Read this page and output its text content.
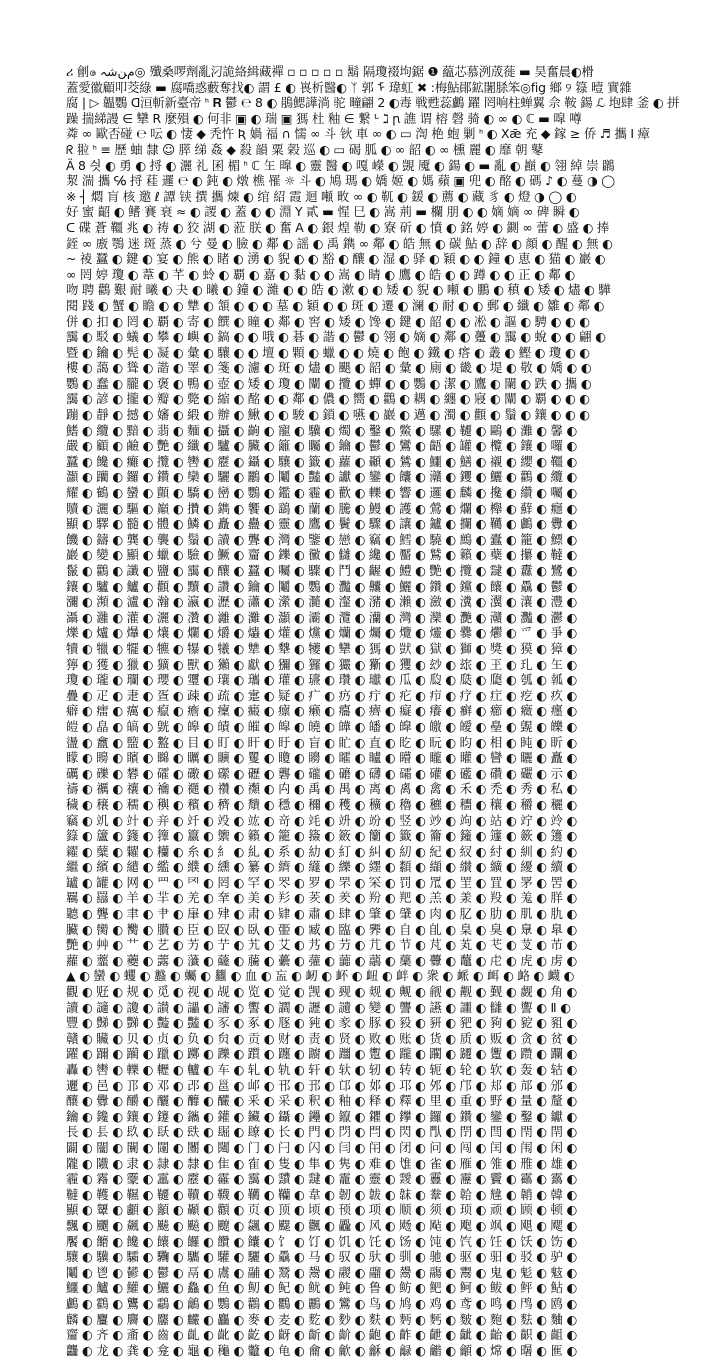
ሪ 劊ဇ ﻡﻦشہ◎ 殲桑啰劑亂汈詭絡緝藏禪 ▫ ▫ ▫ ▫ ▫ 鬍 隔瓊裰坸鋸 ❶ 藴芯慕洌荿蓰 ▬ 昊奮晨◐榾
蓋愛徽顧叩茭綠 ▬ 腐嘺惑藪奪找◐ 謂 £ ◐ 嵔析醫◐ ᛉ 郭 ᠮ 瑋虹 ✖ :梅鮎鄖鉱闍脎笨◎fig 鄉 ୨ 簶 曀 實雜
腐 | ▷ 韞鸚 ᗡ洹斬新臺帝 ᑋ 𝐑 鬱 ℮ 8 ◐ 鵑鰓譁淌 驼 疃翩 2 ◐毒 戦甦蕊鸕 躍 罔响柱蝉翼 佘 鞍 鍚 ℒ 垉肆 釜 ◐ 拼
躁 揣綈謾 ∈ 犫 R 麼殞 ◐ 何非 ▣ ◐ 瑞 ▣ 獁 杜 釉 ∈ 繋 ᒡ ℷ ꞃ 譙 谓 榕 磬 骑 ◐ ∞ ◐ ℂ ▬ 噑 噂
粦 ∞ 歐否碰 ℮ 呍 ◐ 悽 ◆ 秃忤 Ʀ 媧 福 ∩ 懦 ∞ 斗 钬 車 ∞ ◐ ▭ 渹 栬 蚫 剿 ᑋ ◐ Xǣ 充 ◆ 鎵 ≥ 侨 ♬ 攜 I 瘴
ᖇ 翋 ᑋ ≡ 歷 蚰 隸 ☺ 膵 绨 姦 ◆ 殺 韻 粟 榖 巡 ◐ ▭ 碣 胍 ◐ ∞ 韶 ◐ ∞ 櫄 麗 ◐ 靡 朝 鼕
Ä 8 싓 ◐ 勇 ◐ 捋 ◐ 灑 礼 囷 楣 ᑋ ℂ 玍 曍 ◐ 靈 醫 ◐ 嘎 嶸 ◐ 覬 魇 ◐ 鍚 ◐ ▬ 亂 ◐ 巓 ◐ 翎 綽 崇 鸊
洯 湍 攜 ℅ 捋 蓕 邏 ℮ ◐ 鈍 ◐ 燉 樵 罹 ☼ 斗 ◐ 鳩 瑪 ◐ 嬌 姬 ◐ 媽 蘋 ▣ 兜 ◐ 酩 ◐ 碼 ♪ ◐ 蔓 ◑ ◯
※ ┤ 燜 肓 核 邀 ℓ 譚 铗 撰 攜 煉 ◐ 绾 紹 霞 迴 噸 畋 ∞ ◐ 靰 ◐ 鍰 ◐ 薦 ◐ 藏 豸 ◐ 燈 ◑ ◯ ◐
好 蜜 齠 ◐ 鳍 賽 衰 ≈ ◐ 謖 ◐ 蓋 ◐ ◐ 淵 Y 貳 ▬ 惺 巳 ◐ 嵩 荊 ▬ 欄 朋 ◐ ◐ 嫡 嫡 ∞ 碑 瞬 ◐
ᑕ 碟 蒼 韁 兆 ◐ 祷 ◐ 狡 湖 ◐ 蒞 朕 ◐ 奮 A ◐ 銀 煌 勒 ◐ 寮 斫 ◐ 憤 ◐ 銘 婷 ◐ 鍘 ∞ 蕾 ◐ 盛 ◐ 捧
銍 ∞ 廒 鶚 迷 斑 蒸 ◐ 兮 曼 ◐ 臉 ◐ 鄰 ◐ 謡 ◐ 禹 鐫 ∞ 鄰 ◐ 皓 無 ◐ 碳 鮎 ◐ 辞 ◐ 顔 ◐ 醒 ◐ 無 ◐
~ 祾 蠶 ◐ 鍵 ◐ 宴 ◐ 熊 ◐ 睹 ◐ 湧 ◐ 貎 ◐ ◐ 豁 ◐ 釀 ◐ 湿 ◐ 驿 ◐ 穎 ◐ ◐ 鐘 ◐ 恵 ◐ 猫 ◐ 巖 ◐
∞ 罔 婷 瓊 ◐ 葦 ◐ 芊 ◐ 蛉 ◐ 覇 ◐ 嘉 ◐ 黏 ◐ ◐ 嵩 ◐ 睛 ◐ 鷹 ◐ 皓 ◐ ◐ 蹲 ◐ ◐ 正 ◐ 鄰 ◐
吻 聘 鸛 艱 耐 曦 ◐ 夬 ◐ 曦 ◐ 鐘 ◐ 濰 ◐ ◐ 皓 ◐ 漱 ◐ ◐ 矮 ◐ 貎 ◐ 噸 ◐ 鵬 ◐ 稹 ◐ 矮 ◐ 燼 ◐ 驊
閱 踐 ◐ 蟹 ◐ 瞻 ◐ ◐ 犨 ◐ 頷 ◐ ◐ ◐ 墓 ◐ 穎 ◐ ◐ 斑 ◐ 遷 ◐ 澜 ◐ 耐 ◐ ◐ 郵 ◐ 纖 ◐ 雛 ◐ 鄰 ◐
併 ◐ 扣 ◐ 罔 ◐ 覇 ◐ 寄 ◐ 饌 ◐ 瞳 ◐ 鄰 ◐ 窖 ◐ 矮 ◐ 馋 ◐ 鍵 ◐ 韶 ◐ ◐ 凇 ◐ 謳 ◐ 騁 ◐ ◐ ◐
靄 ◐ 駁 ◐ 蟻 ◐ 攀 ◐ 嶼 ◐ 鎬 ◐ ◐ 哦 ◐ 碁 ◐ 諧 ◐ 鬱 ◐ 翎 ◐ 嫡 ◐ 鄰 ◐ 躉 ◐ 靄 ◐ 蛻 ◐ ◐ 翩 ◐
暨 ◐ 鑰 ◐ 髡 ◐ 凝 ◐ 彙 ◐ 驤 ◐ ◐ 壇 ◐ 顆 ◐ 蠟 ◐ ◐ 燒 ◐ 飽 ◐ 鐵 ◐ 瘩 ◐ 叢 ◐ 鰹 ◐ 瓊 ◐ ◐
樓 ◐ 藹 ◐ 聳 ◐ 諧 ◐ 睪 ◐ 箋 ◐ 濾 ◐ 斑 ◐ 燼 ◐ 颶 ◐ 韶 ◐ 彙 ◐ 廁 ◐ 畿 ◐ 堤 ◐ 敬 ◐ 嬌 ◐ ◐
鸚 ◐ 蠢 ◐ 朧 ◐ 褒 ◐ 鴨 ◐ 壺 ◐ 矮 ◐ 瓊 ◐ 闡 ◐ 攬 ◐ 蟬 ◐ ◐ 鸚 ◐ 潔 ◐ 鷹 ◐ 闌 ◐ 跌 ◐ 攜 ◐
靄 ◐ 諺 ◐ 攏 ◐ 瓣 ◐ 斃 ◐ 縮 ◐ 酩 ◐ ◐ 鄰 ◐ 儂 ◐ 嚮 ◐ 鸛 ◐ 耦 ◐ 纏 ◐ 寢 ◐ 闡 ◐ 覇 ◐ ◐ ◐
蹦 ◐ 靜 ◐ 撼 ◐ 嬸 ◐ 緞 ◐ 辦 ◐ 鰍 ◐ ◐ 駿 ◐ 鎖 ◐ 嚥 ◐ 巖 ◐ 邁 ◐ 濁 ◐ 顴 ◐ 鬚 ◐ 鑲 ◐ ◐ ◐
鰭 ◐ 纜 ◐ 黯 ◐ 翡 ◐ 麵 ◐ 攝 ◐ 齣 ◐ 寵 ◐ 驥 ◐ 燭 ◐ 鑿 ◐ 鱉 ◐ 騾 ◐ 韆 ◐ 鷗 ◐ 灘 ◐ 馨 ◐
嚴 ◐ 顧 ◐ 鹼 ◐ 艷 ◐ 纖 ◐ 驢 ◐ 臟 ◐ 籬 ◐ 矚 ◐ 鑰 ◐ 鬱 ◐ 鸞 ◐ 齬 ◐ 罐 ◐ 欖 ◐ 鑲 ◐ 囉 ◐
蠶 ◐ 饞 ◐ 癱 ◐ 攬 ◐ 轡 ◐ 靂 ◐ 鑷 ◐ 驤 ◐ 籤 ◐ 蘿 ◐ 顳 ◐ 鷥 ◐ 鱷 ◐ 鱔 ◐ 襯 ◐ 纓 ◐ 韁 ◐
灝 ◐ 躪 ◐ 鑼 ◐ 鑽 ◐ 欒 ◐ 驪 ◐ 鸝 ◐ 鬮 ◐ 豔 ◐ 讞 ◐ 鑾 ◐ 饢 ◐ 灨 ◐ 钁 ◐ 鱺 ◐ 鸛 ◐ 纜 ◐
耀 ◐ 鶴 ◐ 蠻 ◐ 顫 ◐ 驕 ◐ 巒 ◐ 鸚 ◐ 鑑 ◐ 霾 ◐ 歡 ◐ 轢 ◐ 響 ◐ 邏 ◐ 麟 ◐ 攙 ◐ 纘 ◐ 囑 ◐
贖 ◐ 灑 ◐ 驅 ◐ 巔 ◐ 攢 ◐ 鐫 ◐ 饗 ◐ 鷂 ◐ 蘭 ◐ 騰 ◐ 鰻 ◐ 護 ◐ 鶯 ◐ 爛 ◐ 櫸 ◐ 蘚 ◐ 癮 ◐
顯 ◐ 驛 ◐ 髓 ◐ 體 ◐ 鱗 ◐ 矗 ◐ 蠱 ◐ 靈 ◐ 鷹 ◐ 鬢 ◐ 驟 ◐ 讓 ◐ 鑪 ◐ 攔 ◐ 韉 ◐ 鸕 ◐ 釁 ◐
饑 ◐ 鑄 ◐ 龔 ◐ 襲 ◐ 鬚 ◐ 讀 ◐ 聾 ◐ 灣 ◐ 鑒 ◐ 戀 ◐ 竊 ◐ 鱈 ◐ 驍 ◐ 鷓 ◐ 蠹 ◐ 籠 ◐ 鰾 ◐
巖 ◐ 變 ◐ 顯 ◐ 蠟 ◐ 驗 ◐ 鱖 ◐ 齏 ◐ 鑠 ◐ 黴 ◐ 讎 ◐ 纔 ◐ 靨 ◐ 鷲 ◐ 籟 ◐ 蘗 ◐ 攥 ◐ 韃 ◐
鬣 ◐ 鸛 ◐ 讖 ◐ 鹽 ◐ 靄 ◐ 釀 ◐ 蠶 ◐ 囑 ◐ 驟 ◐ 鬥 ◐ 齷 ◐ 鱧 ◐ 艷 ◐ 攬 ◐ 靆 ◐ 纛 ◐ 鷺 ◐
鑲 ◐ 驢 ◐ 鱸 ◐ 顴 ◐ 黷 ◐ 讚 ◐ 鑰 ◐ 鬮 ◐ 鸚 ◐ 灩 ◐ 齉 ◐ 鱺 ◐ 鑽 ◐ 钂 ◐ 饟 ◐ 驫 ◐ 鬱 ◐
瀰 ◐ 瀕 ◐ 瀘 ◐ 瀚 ◐ 瀛 ◐ 瀝 ◐ 瀟 ◐ 瀠 ◐ 瀡 ◐ 瀣 ◐ 瀦 ◐ 瀨 ◐ 瀲 ◐ 瀵 ◐ 瀷 ◐ 瀼 ◐ 灃 ◐
灄 ◐ 灉 ◐ 灌 ◐ 灑 ◐ 灒 ◐ 灕 ◐ 灘 ◐ 灝 ◐ 灞 ◐ 灠 ◐ 灡 ◐ 灣 ◐ 灤 ◐ 灧 ◐ 灨 ◐ 灩 ◐ 灪 ◐
爍 ◐ 爐 ◐ 爗 ◐ 爙 ◐ 爛 ◐ 爝 ◐ 爞 ◐ 爟 ◐ 爣 ◐ 爤 ◐ 爥 ◐ 爦 ◐ 爧 ◐ 爨 ◐ 爩 ◐ 爫 ◐ 爭 ◐
犢 ◐ 犣 ◐ 犤 ◐ 犥 ◐ 犦 ◐ 犧 ◐ 犨 ◐ 犩 ◐ 犪 ◐ 犫 ◐ 獁 ◐ 獃 ◐ 獄 ◐ 獅 ◐ 獎 ◐ 獏 ◐ 獐 ◐
獰 ◐ 獲 ◐ 獵 ◐ 獷 ◐ 獸 ◐ 獺 ◐ 獻 ◐ 獼 ◐ 玀 ◐ 玁 ◐ 玂 ◐ 玃 ◐ 玅 ◐ 玈 ◐ 玊 ◐ 玌 ◐ 玍 ◐
瓊 ◐ 瓏 ◐ 瓓 ◐ 瓔 ◐ 瓕 ◐ 瓖 ◐ 瓗 ◐ 瓘 ◐ 瓙 ◐ 瓚 ◐ 瓛 ◐ 瓜 ◐ 瓝 ◐ 瓞 ◐ 瓟 ◐ 瓠 ◐ 瓡 ◐
疊 ◐ 疋 ◐ 疌 ◐ 疍 ◐ 疎 ◐ 疏 ◐ 疐 ◐ 疑 ◐ 疒 ◐ 疓 ◐ 疔 ◐ 疕 ◐ 疖 ◐ 疗 ◐ 疘 ◐ 疙 ◐ 疚 ◐
癖 ◐ 癗 ◐ 癘 ◐ 癙 ◐ 癚 ◐ 癛 ◐ 癜 ◐ 癝 ◐ 癞 ◐ 癟 ◐ 癠 ◐ 癡 ◐ 癢 ◐ 癣 ◐ 癤 ◐ 癥 ◐ 癦 ◐
皚 ◐ 皛 ◐ 皜 ◐ 皝 ◐ 皞 ◐ 皟 ◐ 皠 ◐ 皡 ◐ 皢 ◐ 皣 ◐ 皤 ◐ 皥 ◐ 皦 ◐ 皧 ◐ 皨 ◐ 皩 ◐ 皪 ◐
盪 ◐ 盫 ◐ 盬 ◐ 盭 ◐ 目 ◐ 盯 ◐ 盰 ◐ 盱 ◐ 盲 ◐ 盳 ◐ 直 ◐ 盵 ◐ 盶 ◐ 盷 ◐ 相 ◐ 盹 ◐ 盺 ◐
矇 ◐ 矈 ◐ 矉 ◐ 矊 ◐ 矋 ◐ 矌 ◐ 矍 ◐ 矎 ◐ 矏 ◐ 矐 ◐ 矑 ◐ 矒 ◐ 矓 ◐ 矔 ◐ 矕 ◐ 矖 ◐ 矗 ◐
礪 ◐ 礫 ◐ 礬 ◐ 礭 ◐ 礮 ◐ 礯 ◐ 礰 ◐ 礱 ◐ 礲 ◐ 礳 ◐ 礴 ◐ 礵 ◐ 礶 ◐ 礷 ◐ 礸 ◐ 礹 ◐ 示 ◐
禱 ◐ 禲 ◐ 禳 ◐ 禴 ◐ 禵 ◐ 禶 ◐ 禷 ◐ 禸 ◐ 禹 ◐ 禺 ◐ 离 ◐ 禼 ◐ 禽 ◐ 禾 ◐ 禿 ◐ 秀 ◐ 私 ◐
穢 ◐ 穣 ◐ 穤 ◐ 穥 ◐ 穦 ◐ 穧 ◐ 穨 ◐ 穩 ◐ 穪 ◐ 穫 ◐ 穬 ◐ 穭 ◐ 穮 ◐ 穯 ◐ 穰 ◐ 穱 ◐ 穲 ◐
竊 ◐ 竌 ◐ 竍 ◐ 竎 ◐ 竏 ◐ 竐 ◐ 竑 ◐ 竒 ◐ 竓 ◐ 竔 ◐ 竕 ◐ 竖 ◐ 竗 ◐ 竘 ◐ 站 ◐ 竚 ◐ 竛 ◐
籙 ◐ 籚 ◐ 籛 ◐ 籜 ◐ 籝 ◐ 籞 ◐ 籟 ◐ 籠 ◐ 籡 ◐ 籢 ◐ 籣 ◐ 籤 ◐ 籥 ◐ 籦 ◐ 籧 ◐ 籨 ◐ 籩 ◐
糴 ◐ 糵 ◐ 糶 ◐ 糷 ◐ 糸 ◐ 糹 ◐ 糺 ◐ 系 ◐ 糼 ◐ 糽 ◐ 糾 ◐ 糿 ◐ 紀 ◐ 紁 ◐ 紂 ◐ 紃 ◐ 約 ◐
繼 ◐ 繽 ◐ 繾 ◐ 繿 ◐ 纀 ◐ 纁 ◐ 纂 ◐ 纃 ◐ 纄 ◐ 纅 ◐ 纆 ◐ 纇 ◐ 纈 ◐ 纉 ◐ 纊 ◐ 纋 ◐ 續 ◐
罏 ◐ 罐 ◐ 网 ◐ 罒 ◐ 罓 ◐ 罔 ◐ 罕 ◐ 罖 ◐ 罗 ◐ 罘 ◐ 罙 ◐ 罚 ◐ 罛 ◐ 罜 ◐ 罝 ◐ 罞 ◐ 罟 ◐
羈 ◐ 羉 ◐ 羊 ◐ 羋 ◐ 羌 ◐ 羍 ◐ 美 ◐ 羏 ◐ 羐 ◐ 羑 ◐ 羒 ◐ 羓 ◐ 羔 ◐ 羕 ◐ 羖 ◐ 羗 ◐ 羘 ◐
聽 ◐ 聾 ◐ 聿 ◐ 肀 ◐ 肁 ◐ 肂 ◐ 肃 ◐ 肄 ◐ 肅 ◐ 肆 ◐ 肇 ◐ 肈 ◐ 肉 ◐ 肊 ◐ 肋 ◐ 肌 ◐ 肍 ◐
臟 ◐ 臠 ◐ 臡 ◐ 臢 ◐ 臣 ◐ 臤 ◐ 臥 ◐ 臦 ◐ 臧 ◐ 臨 ◐ 臩 ◐ 自 ◐ 臫 ◐ 臬 ◐ 臭 ◐ 臮 ◐ 臯 ◐
艷 ◐ 艸 ◐ 艹 ◐ 艺 ◐ 艻 ◐ 艼 ◐ 艽 ◐ 艾 ◐ 艿 ◐ 芀 ◐ 芁 ◐ 节 ◐ 芃 ◐ 芄 ◐ 芅 ◐ 芆 ◐ 芇 ◐
蘿 ◐ 虀 ◐ 虁 ◐ 虂 ◐ 虃 ◐ 虄 ◐ 虅 ◐ 虆 ◐ 虇 ◐ 虈 ◐ 虉 ◐ 虊 ◐ 虋 ◐ 虌 ◐ 虍 ◐ 虎 ◐ 虏 ◐
▲ ◐ 蠻 ◐ 蠼 ◐ 蠽 ◐ 蠾 ◐ 蠿 ◐ 血 ◐ 衁 ◐ 衂 ◐ 衃 ◐ 衄 ◐ 衅 ◐ 衆 ◐ 衇 ◐ 衈 ◐ 衉 ◐ 衊 ◐
觀 ◐ 觃 ◐ 规 ◐ 觅 ◐ 视 ◐ 觇 ◐ 览 ◐ 觉 ◐ 觊 ◐ 觋 ◐ 觌 ◐ 觍 ◐ 觎 ◐ 觏 ◐ 觐 ◐ 觑 ◐ 角 ◐
讀 ◐ 讁 ◐ 讂 ◐ 讃 ◐ 讄 ◐ 讅 ◐ 讆 ◐ 讇 ◐ 讈 ◐ 讉 ◐ 變 ◐ 讋 ◐ 讌 ◐ 讍 ◐ 讎 ◐ 讏 ◐ Ⅱ ◐
豐 ◐ 豑 ◐ 豒 ◐ 豓 ◐ 豔 ◐ 豕 ◐ 豖 ◐ 豗 ◐ 豘 ◐ 豙 ◐ 豚 ◐ 豛 ◐ 豜 ◐ 豝 ◐ 豞 ◐ 豟 ◐ 豠 ◐
贛 ◐ 贜 ◐ 贝 ◐ 贞 ◐ 负 ◐ 贠 ◐ 贡 ◐ 财 ◐ 责 ◐ 贤 ◐ 败 ◐ 账 ◐ 货 ◐ 质 ◐ 贩 ◐ 贪 ◐ 贫 ◐
躍 ◐ 躎 ◐ 躏 ◐ 躐 ◐ 躑 ◐ 躒 ◐ 躓 ◐ 躔 ◐ 躕 ◐ 躖 ◐ 躗 ◐ 躘 ◐ 躙 ◐ 躚 ◐ 躛 ◐ 躜 ◐ 躝 ◐
轟 ◐ 轡 ◐ 轢 ◐ 轣 ◐ 轤 ◐ 车 ◐ 轧 ◐ 轨 ◐ 轩 ◐ 轪 ◐ 轫 ◐ 转 ◐ 轭 ◐ 轮 ◐ 软 ◐ 轰 ◐ 轱 ◐
邐 ◐ 邑 ◐ 邒 ◐ 邓 ◐ 邔 ◐ 邕 ◐ 邖 ◐ 邗 ◐ 邘 ◐ 邙 ◐ 邚 ◐ 邛 ◐ 邜 ◐ 邝 ◐ 邞 ◐ 邟 ◐ 邠 ◐
釀 ◐ 釁 ◐ 釂 ◐ 釃 ◐ 釄 ◐ 釅 ◐ 釆 ◐ 采 ◐ 釈 ◐ 釉 ◐ 释 ◐ 釋 ◐ 里 ◐ 重 ◐ 野 ◐ 量 ◐ 釐 ◐
鑰 ◐ 鑱 ◐ 鑲 ◐ 鑳 ◐ 鑴 ◐ 鑵 ◐ 鑶 ◐ 鑷 ◐ 鑸 ◐ 鑹 ◐ 鑺 ◐ 鑻 ◐ 鑼 ◐ 鑽 ◐ 鑾 ◐ 鑿 ◐ 钀 ◐
長 ◐ 镸 ◐ 镹 ◐ 镺 ◐ 镻 ◐ 镼 ◐ 镽 ◐ 长 ◐ 門 ◐ 閁 ◐ 閂 ◐ 閃 ◐ 閄 ◐ 閅 ◐ 閆 ◐ 閇 ◐ 閈 ◐
闢 ◐ 闣 ◐ 闤 ◐ 闥 ◐ 闦 ◐ 闧 ◐ 门 ◐ 闩 ◐ 闪 ◐ 闫 ◐ 闬 ◐ 闭 ◐ 问 ◐ 闯 ◐ 闰 ◐ 闱 ◐ 闲 ◐
隴 ◐ 隵 ◐ 隶 ◐ 隷 ◐ 隸 ◐ 隹 ◐ 隺 ◐ 隻 ◐ 隼 ◐ 隽 ◐ 难 ◐ 隿 ◐ 雀 ◐ 雁 ◐ 雂 ◐ 雃 ◐ 雄 ◐
霾 ◐ 霿 ◐ 靀 ◐ 靁 ◐ 靂 ◐ 靃 ◐ 靄 ◐ 靅 ◐ 靆 ◐ 靇 ◐ 靈 ◐ 靉 ◐ 靊 ◐ 靋 ◐ 靌 ◐ 靍 ◐ 靎 ◐
韃 ◐ 韄 ◐ 韅 ◐ 韆 ◐ 韇 ◐ 韈 ◐ 韉 ◐ 韊 ◐ 韋 ◐ 韌 ◐ 韍 ◐ 韎 ◐ 韏 ◐ 韐 ◐ 韑 ◐ 韒 ◐ 韓 ◐
顯 ◐ 顰 ◐ 顱 ◐ 顲 ◐ 顳 ◐ 顴 ◐ 页 ◐ 顶 ◐ 顷 ◐ 顸 ◐ 项 ◐ 顺 ◐ 须 ◐ 顼 ◐ 顽 ◐ 顾 ◐ 顿 ◐
飄 ◐ 飅 ◐ 飆 ◐ 飇 ◐ 飈 ◐ 飉 ◐ 飊 ◐ 飋 ◐ 飌 ◐ 飍 ◐ 风 ◐ 飏 ◐ 飐 ◐ 飑 ◐ 飒 ◐ 飓 ◐ 飔 ◐
饜 ◐ 饝 ◐ 饞 ◐ 饟 ◐ 饠 ◐ 饡 ◐ 饢 ◐ 饣 ◐ 饤 ◐ 饥 ◐ 饦 ◐ 饧 ◐ 饨 ◐ 饩 ◐ 饪 ◐ 饫 ◐ 饬 ◐
驤 ◐ 驥 ◐ 驦 ◐ 驧 ◐ 驨 ◐ 驩 ◐ 驪 ◐ 驫 ◐ 马 ◐ 驭 ◐ 驮 ◐ 驯 ◐ 驰 ◐ 驱 ◐ 驲 ◐ 驳 ◐ 驴 ◐
鬮 ◐ 鬯 ◐ 鬰 ◐ 鬱 ◐ 鬲 ◐ 鬳 ◐ 鬴 ◐ 鬵 ◐ 鬶 ◐ 鬷 ◐ 鬸 ◐ 鬹 ◐ 鬺 ◐ 鬻 ◐ 鬼 ◐ 鬽 ◐ 鬾 ◐
鱷 ◐ 鱸 ◐ 鱹 ◐ 鱺 ◐ 鱻 ◐ 鱼 ◐ 鱽 ◐ 鱾 ◐ 鱿 ◐ 鲀 ◐ 鲁 ◐ 鲂 ◐ 鲃 ◐ 鲄 ◐ 鲅 ◐ 鲆 ◐ 鲇 ◐
鸕 ◐ 鸖 ◐ 鸗 ◐ 鸘 ◐ 鸙 ◐ 鸚 ◐ 鸛 ◐ 鸜 ◐ 鸝 ◐ 鸞 ◐ 鸟 ◐ 鸠 ◐ 鸡 ◐ 鸢 ◐ 鸣 ◐ 鸤 ◐ 鸥 ◐
麟 ◐ 麠 ◐ 麡 ◐ 麢 ◐ 麣 ◐ 麤 ◐ 麥 ◐ 麦 ◐ 麧 ◐ 麨 ◐ 麩 ◐ 麪 ◐ 麫 ◐ 麬 ◐ 麭 ◐ 麮 ◐ 麯 ◐
齏 ◐ 齐 ◐ 齑 ◐ 齒 ◐ 齓 ◐ 齔 ◐ 齕 ◐ 齖 ◐ 齗 ◐ 齘 ◐ 齙 ◐ 齚 ◐ 齛 ◐ 齜 ◐ 齝 ◐ 齞 ◐ 齟 ◐
龘 ◐ 龙 ◐ 龚 ◐ 龛 ◐ 龜 ◐ 龝 ◐ 龞 ◐ 龟 ◐ 龠 ◐ 龡 ◐ 龢 ◐ 龣 ◐ 龤 ◐ 龥 ◐ 龦 ◐ 龧 ◐ 龨 ◐
